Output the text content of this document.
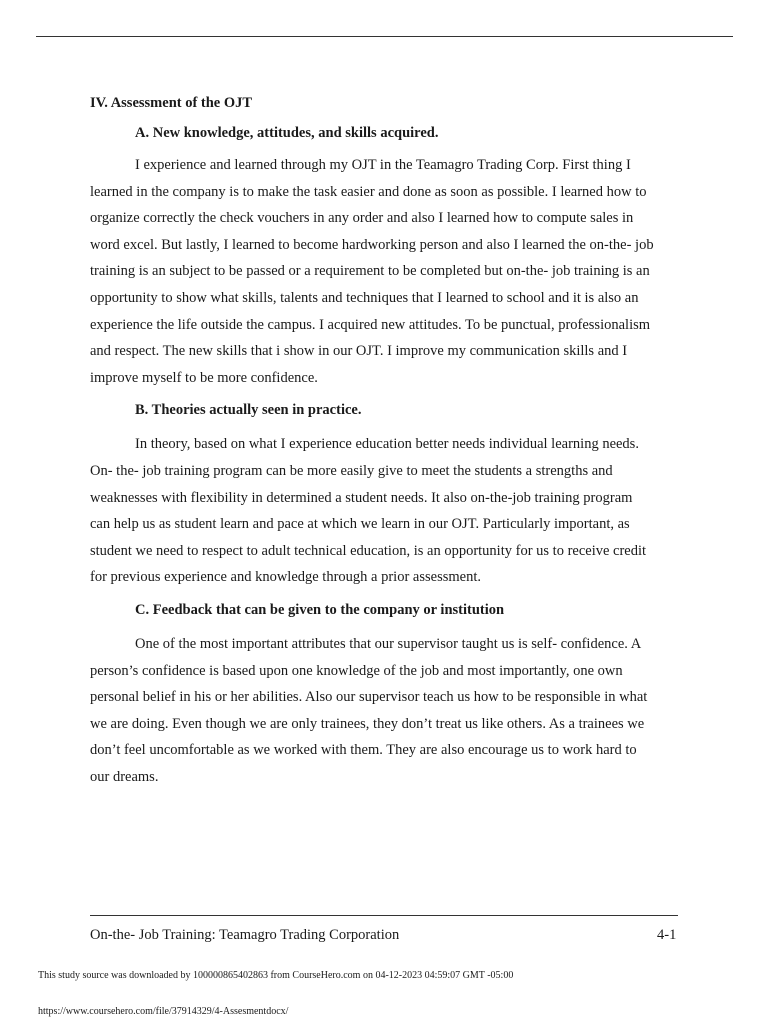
IV. Assessment of the OJT
A. New knowledge, attitudes, and skills acquired.
I experience and learned through my OJT in the Teamagro Trading Corp. First thing I
learned in the company is to make the task easier and done as soon as possible. I learned how to
organize correctly the check vouchers in any order and also I learned how to compute sales in
word excel. But lastly, I learned to become hardworking person and also I learned the on-the- job
training is an subject to be passed or a requirement to be completed but on-the- job training is an
opportunity to show what skills, talents and techniques that I learned to school and it is also an
experience the life outside the campus. I acquired new attitudes. To be punctual, professionalism
and respect. The new skills that i show in our OJT. I improve my communication skills and I
improve myself to be more confidence.
B. Theories actually seen in practice.
In theory, based on what I experience education better needs individual learning needs.
On- the- job training program can be more easily give to meet the students a strengths and
weaknesses with flexibility in determined a student needs. It also on-the-job training program
can help us as student learn and pace at which we learn in our OJT. Particularly important, as
student we need to respect to adult technical education, is an opportunity for us to receive credit
for previous experience and knowledge through a prior assessment.
C. Feedback that can be given to the company or institution
One of the most important attributes that our supervisor taught us is self- confidence. A
person’s confidence is based upon one knowledge of the job and most importantly, one own
personal belief in his or her abilities. Also our supervisor teach us how to be responsible in what
we are doing. Even though we are only trainees, they don’t treat us like others. As a trainees we
don’t feel uncomfortable as we worked with them. They are also encourage us to work hard to
our dreams.
On-the- Job Training: Teamagro Trading Corporation	4-1
This study source was downloaded by 100000865402863 from CourseHero.com on 04-12-2023 04:59:07 GMT -05:00
https://www.coursehero.com/file/37914329/4-Assesmentdocx/
